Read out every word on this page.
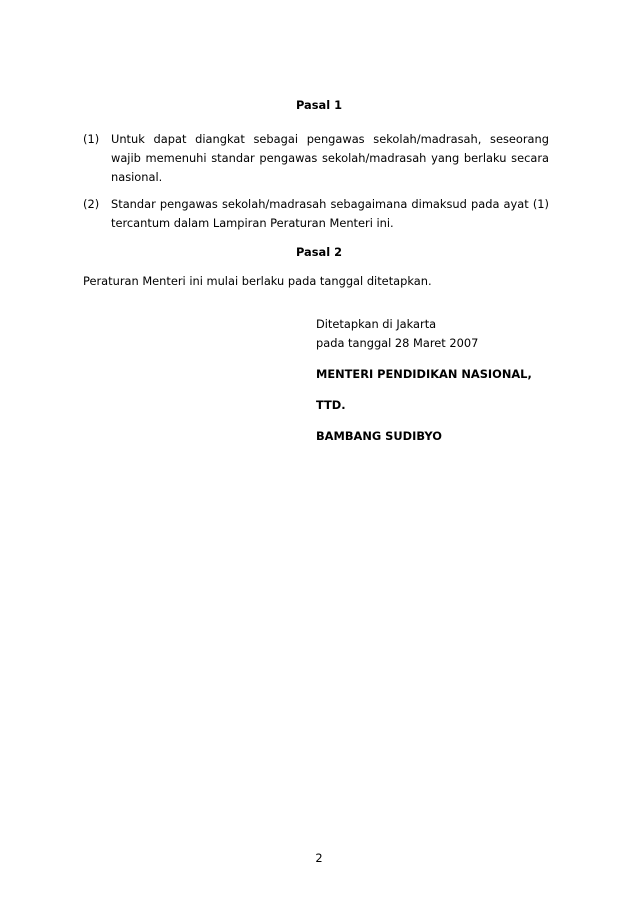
Pasal 1
(1) Untuk dapat diangkat sebagai pengawas sekolah/madrasah, seseorang wajib memenuhi standar pengawas sekolah/madrasah yang berlaku secara nasional.
(2) Standar pengawas sekolah/madrasah sebagaimana dimaksud pada ayat (1) tercantum dalam Lampiran Peraturan Menteri ini.
Pasal 2
Peraturan Menteri ini mulai berlaku pada tanggal ditetapkan.
Ditetapkan di Jakarta
pada tanggal 28 Maret 2007
MENTERI PENDIDIKAN NASIONAL,
TTD.
BAMBANG SUDIBYO
2
